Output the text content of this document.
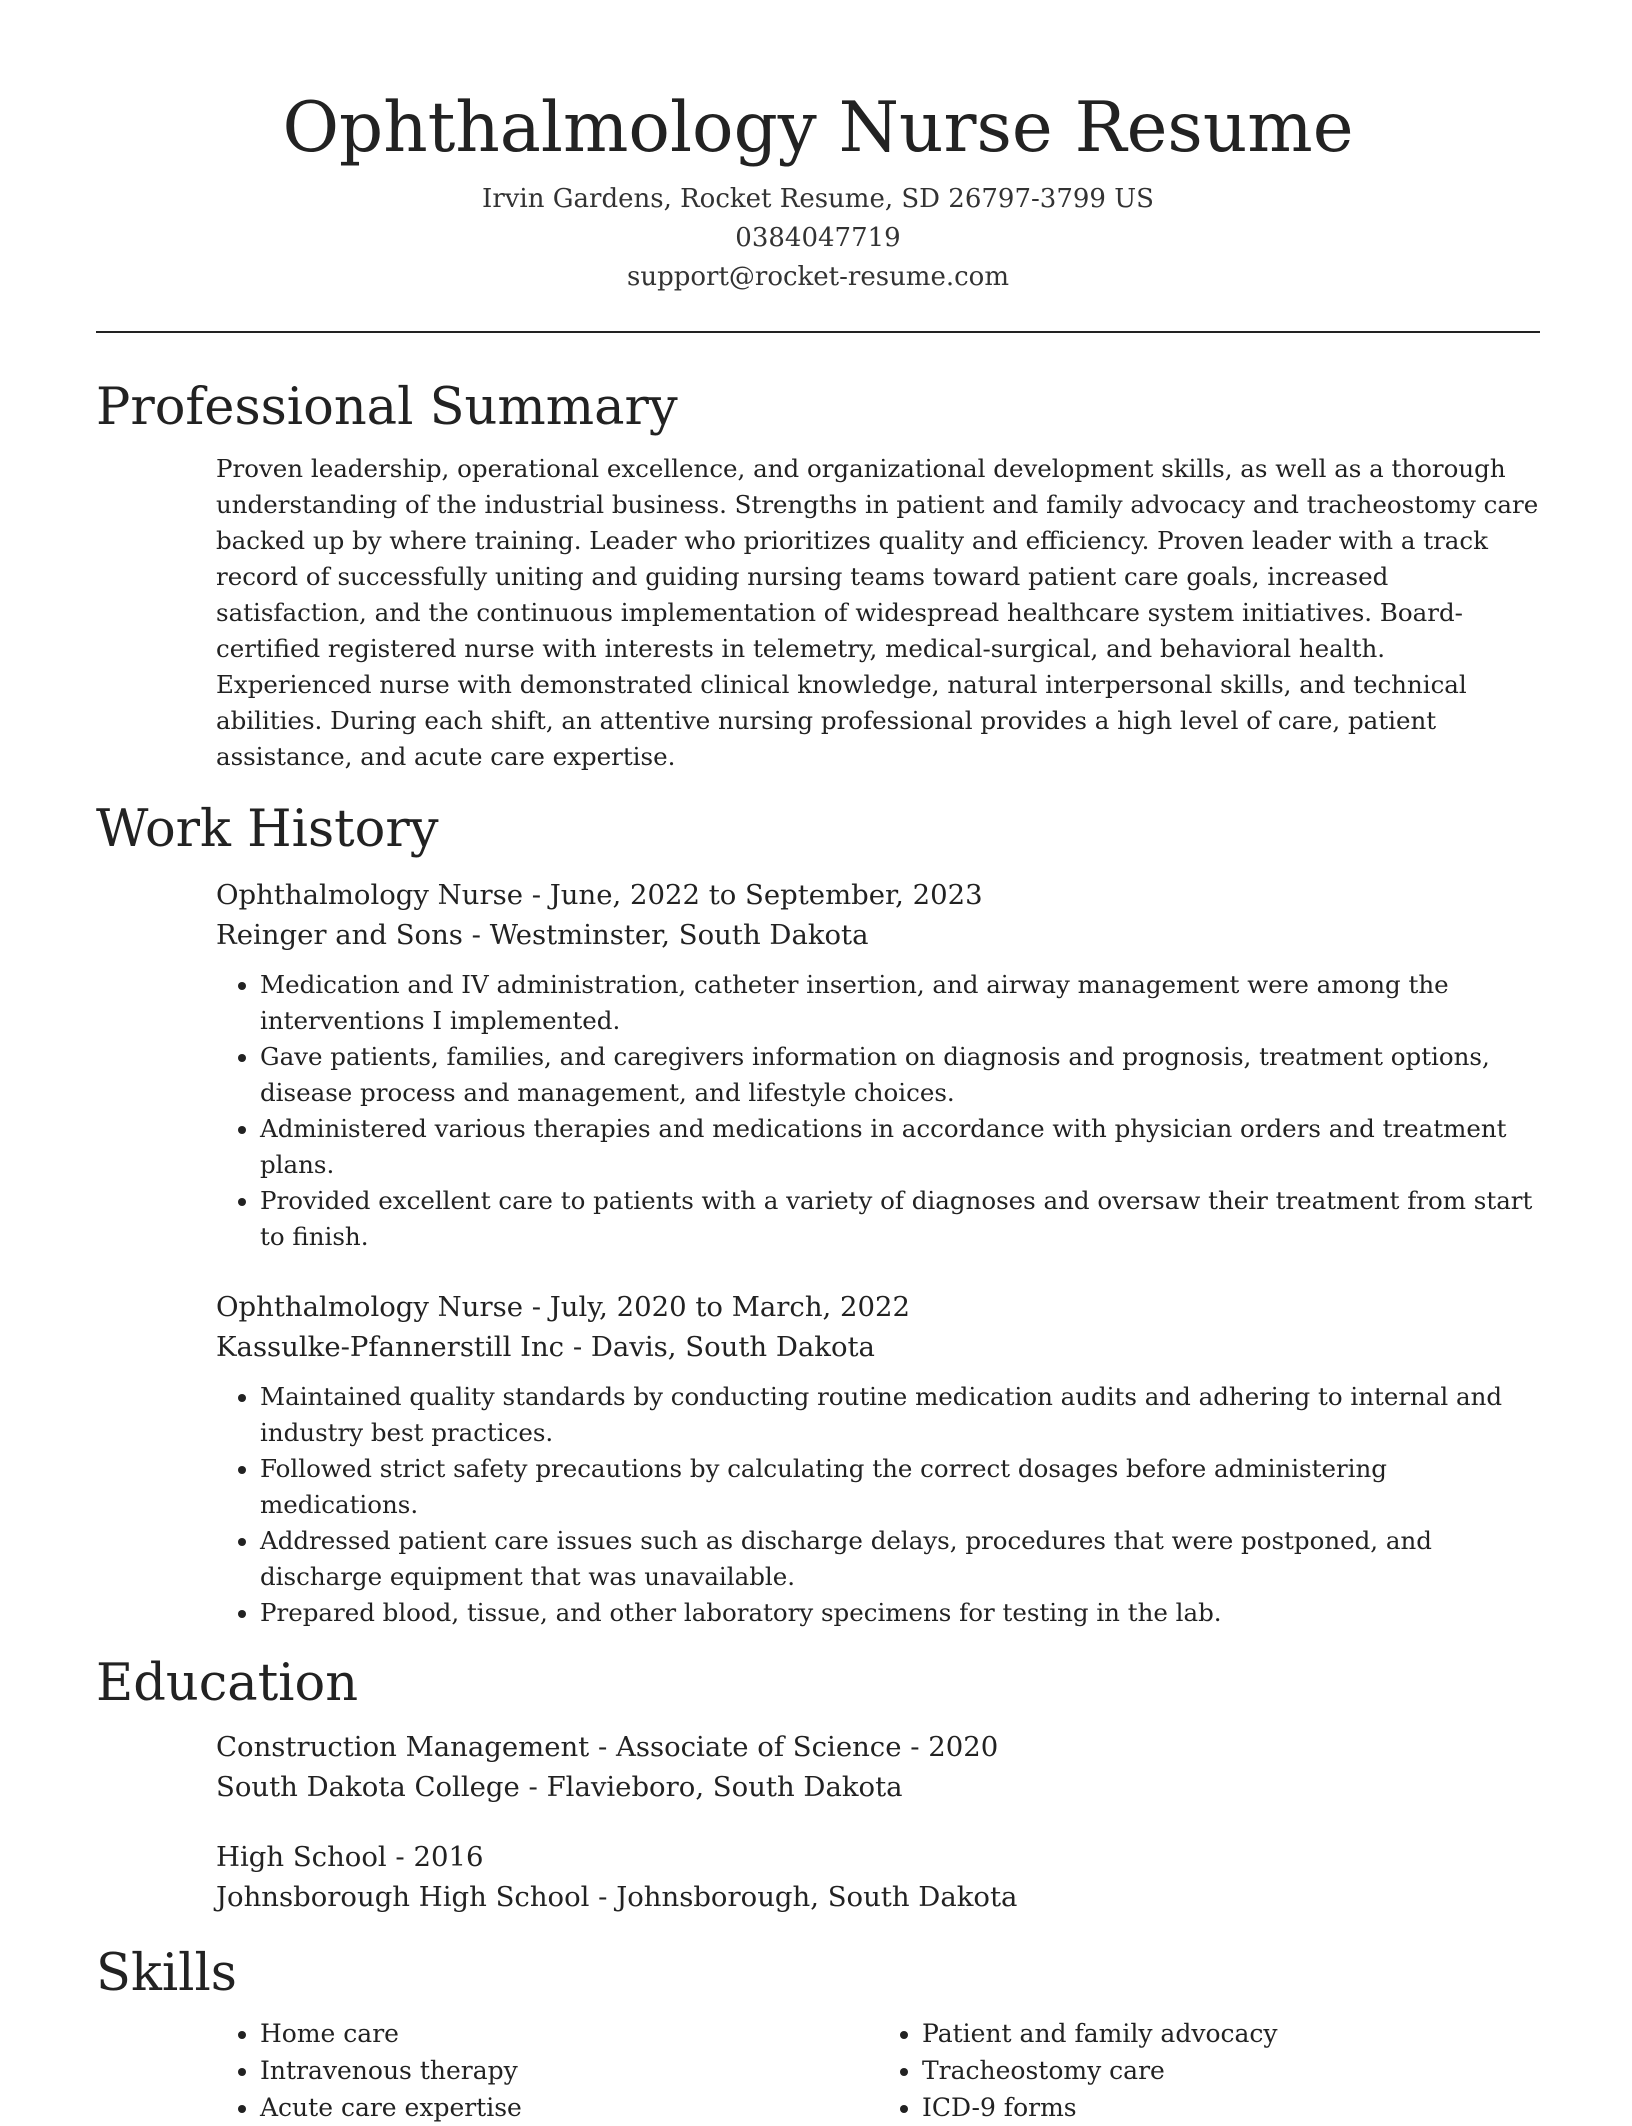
Ophthalmology Nurse Resume
Irvin Gardens, Rocket Resume, SD 26797-3799 US
0384047719
support@rocket-resume.com
Professional Summary

Proven leadership, operational excellence, and organizational development skills, as well as a thorough understanding of the industrial business. Strengths in patient and family advocacy and tracheostomy care backed up by where training. Leader who prioritizes quality and efficiency. Proven leader with a track record of successfully uniting and guiding nursing teams toward patient care goals, increased satisfaction, and the continuous implementation of widespread healthcare system initiatives. Board-certified registered nurse with interests in telemetry, medical-surgical, and behavioral health. Experienced nurse with demonstrated clinical knowledge, natural interpersonal skills, and technical abilities. During each shift, an attentive nursing professional provides a high level of care, patient assistance, and acute care expertise.

Work History
Ophthalmology Nurse - June, 2022 to September, 2023
Reinger and Sons - Westminster, South Dakota
• Medication and IV administration, catheter insertion, and airway management were among the interventions I implemented.
• Gave patients, families, and caregivers information on diagnosis and prognosis, treatment options, disease process and management, and lifestyle choices.
• Administered various therapies and medications in accordance with physician orders and treatment plans.
• Provided excellent care to patients with a variety of diagnoses and oversaw their treatment from start to finish.
Ophthalmology Nurse - July, 2020 to March, 2022
Kassulke-Pfannerstill Inc - Davis, South Dakota
• Maintained quality standards by conducting routine medication audits and adhering to internal and industry best practices.
• Followed strict safety precautions by calculating the correct dosages before administering medications.
• Addressed patient care issues such as discharge delays, procedures that were postponed, and discharge equipment that was unavailable.
• Prepared blood, tissue, and other laboratory specimens for testing in the lab.
Education
Construction Management - Associate of Science - 2020
South Dakota College - Flavieboro, South Dakota
High School - 2016
Johnsborough High School - Johnsborough, South Dakota
Skills
• Home care
• Intravenous therapy
• Acute care expertise
• Patient and family advocacy
• Tracheostomy care
• ICD-9 forms
